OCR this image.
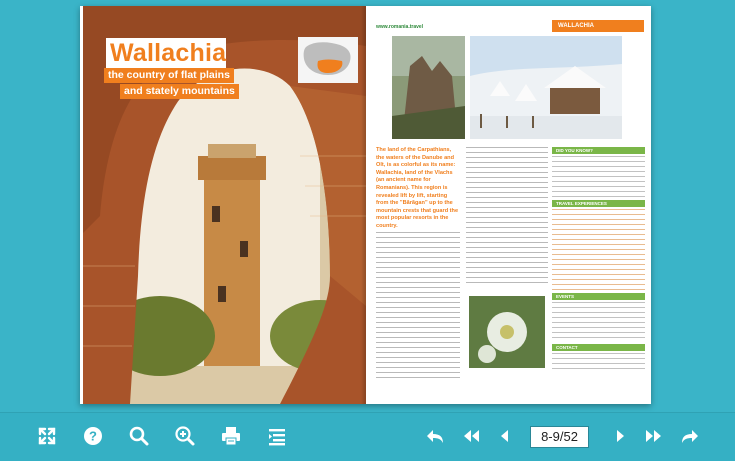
Wallachia
the country of flat plains
and stately mountains
www.romania.travel	WALLACHIA
The land of the Carpathians, the waters of the Danube and Olt, is as colorful as its name: Wallachia, land of the Vlachs (an ancient name for Romanians). This region is revealed lift by lift, starting from the "Bărăgan" up to the mountain crests that guard the most popular resorts in the country.
DID YOU KNOW?
TRAVEL EXPERIENCES
EVENTS
CONTACT
?	8-9/52
